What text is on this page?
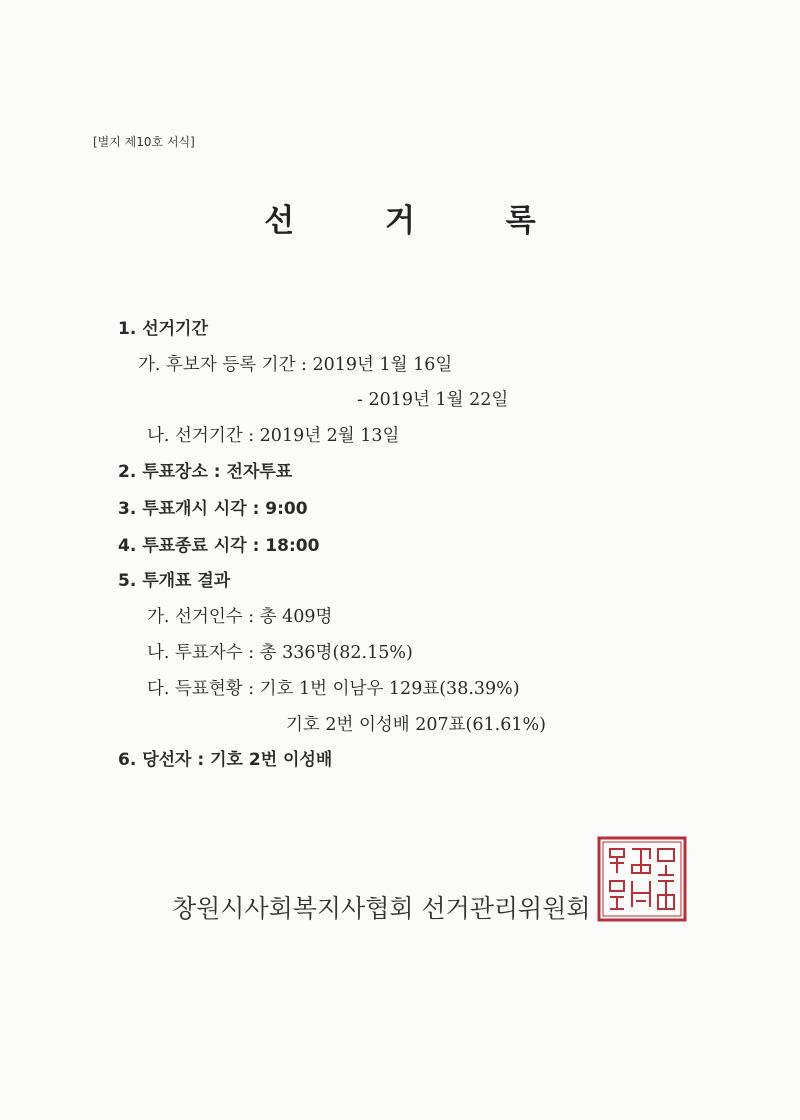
[별지 제10호 서식]
선 거 록
1. 선거기간
가. 후보자 등록 기간 : 2019년 1월 16일
- 2019년 1월 22일
나. 선거기간 : 2019년 2월 13일
2. 투표장소 : 전자투표
3. 투표개시 시각 : 9:00
4. 투표종료 시각 : 18:00
5. 투개표 결과
가. 선거인수 : 총 409명
나. 투표자수 : 총 336명(82.15%)
다. 득표현황 : 기호 1번 이남우 129표(38.39%)
기호 2번 이성배 207표(61.61%)
6. 당선자 : 기호 2번 이성배
창원시사회복지사협회 선거관리위원회
